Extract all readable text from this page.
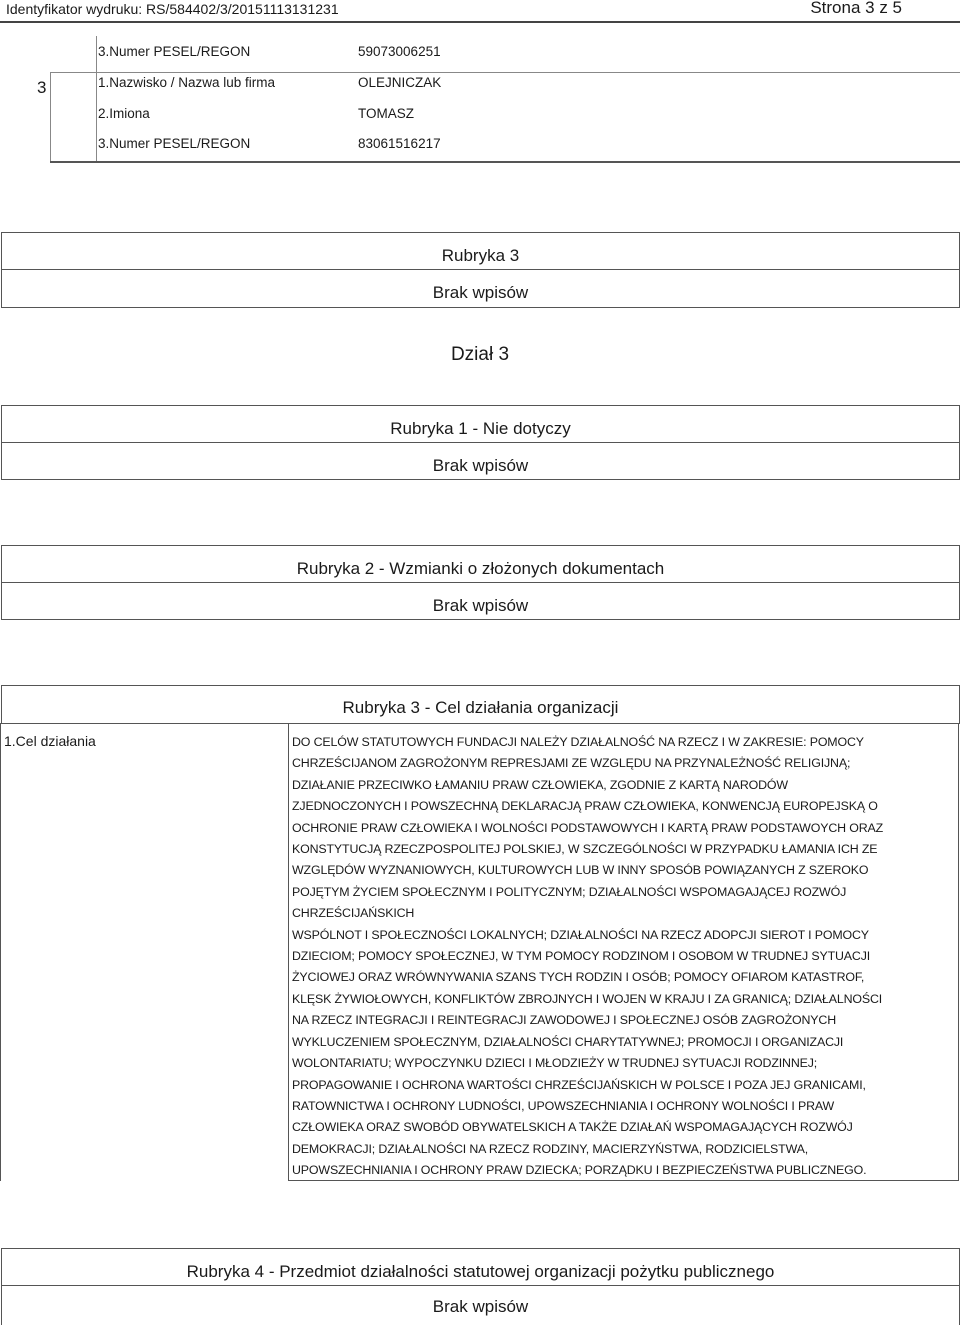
Identyfikator wydruku: RS/584402/3/20151113131231	Strona 3 z 5
3
3.Numer PESEL/REGON	59073006251
1.Nazwisko / Nazwa lub firma	OLEJNICZAK
2.Imiona	TOMASZ
3.Numer PESEL/REGON	83061516217
Rubryka 3
Brak wpisów
Dział 3
Rubryka 1 - Nie dotyczy
Brak wpisów
Rubryka 2 - Wzmianki o złożonych dokumentach
Brak wpisów
Rubryka 3 - Cel działania organizacji
1.Cel działania	DO CELÓW STATUTOWYCH FUNDACJI NALEŻY DZIAŁALNOŚĆ NA RZECZ I W ZAKRESIE: POMOCY
CHRZEŚCIJANOM ZAGROŻONYM REPRESJAMI ZE WZGLĘDU NA PRZYNALEŻNOŚĆ RELIGIJNĄ;
DZIAŁANIE PRZECIWKO ŁAMANIU PRAW CZŁOWIEKA, ZGODNIE Z KARTĄ NARODÓW
ZJEDNOCZONYCH I POWSZECHNĄ DEKLARACJĄ PRAW CZŁOWIEKA, KONWENCJĄ EUROPEJSKĄ O
OCHRONIE PRAW CZŁOWIEKA I WOLNOŚCI PODSTAWOWYCH I KARTĄ PRAW PODSTAWOYCH ORAZ
KONSTYTUCJĄ RZECZPOSPOLITEJ POLSKIEJ, W SZCZEGÓLNOŚCI W PRZYPADKU ŁAMANIA ICH ZE
WZGLĘDÓW WYZNANIOWYCH, KULTUROWYCH LUB W INNY SPOSÓB POWIĄZANYCH Z SZEROKO
POJĘTYM ŻYCIEM SPOŁECZNYM I POLITYCZNYM; DZIAŁALNOŚCI WSPOMAGAJĄCEJ ROZWÓJ
CHRZEŚCIJAŃSKICH
WSPÓLNOT I SPOŁECZNOŚCI LOKALNYCH; DZIAŁALNOŚCI NA RZECZ ADOPCJI SIEROT I POMOCY
DZIECIOM; POMOCY SPOŁECZNEJ, W TYM POMOCY RODZINOM I OSOBOM W TRUDNEJ SYTUACJI
ŻYCIOWEJ ORAZ WRÓWNYWANIA SZANS TYCH RODZIN I OSÓB; POMOCY OFIAROM KATASTROF,
KLĘSK ŻYWIOŁOWYCH, KONFLIKTÓW ZBROJNYCH I WOJEN W KRAJU I ZA GRANICĄ; DZIAŁALNOŚCI
NA RZECZ INTEGRACJI I REINTEGRACJI ZAWODOWEJ I SPOŁECZNEJ OSÓB ZAGROŻONYCH
WYKLUCZENIEM SPOŁECZNYM, DZIAŁALNOŚCI CHARYTATYWNEJ; PROMOCJI I ORGANIZACJI
WOLONTARIATU; WYPOCZYNKU DZIECI I MŁODZIEŻY W TRUDNEJ SYTUACJI RODZINNEJ;
PROPAGOWANIE I OCHRONA WARTOŚCI CHRZEŚCIJAŃSKICH W POLSCE I POZA JEJ GRANICAMI,
RATOWNICTWA I OCHRONY LUDNOŚCI, UPOWSZECHNIANIA I OCHRONY WOLNOŚCI I PRAW
CZŁOWIEKA ORAZ SWOBÓD OBYWATELSKICH A TAKŻE DZIAŁAŃ WSPOMAGAJĄCYCH ROZWÓJ
DEMOKRACJI; DZIAŁALNOŚCI NA RZECZ RODZINY, MACIERZYŃSTWA, RODZICIELSTWA,
UPOWSZECHNIANIA I OCHRONY PRAW DZIECKA; PORZĄDKU I BEZPIECZEŃSTWA PUBLICZNEGO.
Rubryka 4 - Przedmiot działalności statutowej organizacji pożytku publicznego
Brak wpisów
